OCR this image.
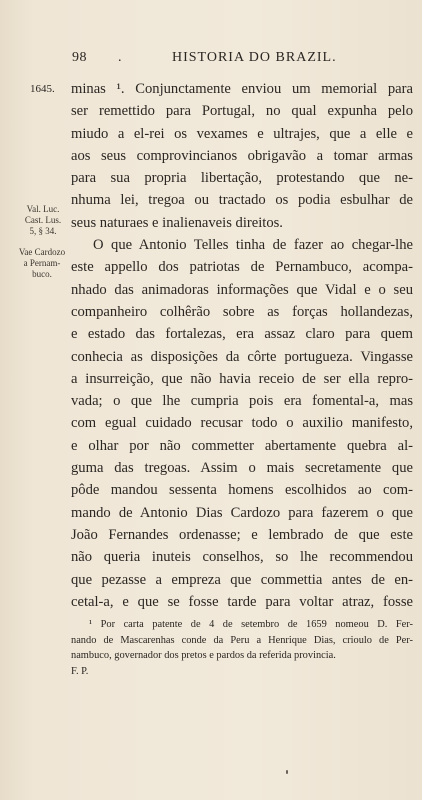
98 .	HISTORIA DO BRAZIL.
1645.
Val. Luc.
Cast. Lus.
5, § 34.
Vae Cardozo
a Pernam-
buco.
minas ¹. Conjunctamente enviou um memorial para
ser remettido para Portugal, no qual expunha pelo
miudo a el-rei os vexames e ultrajes, que a elle e
aos seus comprovincianos obrigavão a tomar armas
para sua propria libertação, protestando que ne-
nhuma lei, tregoa ou tractado os podia esbulhar de
seus naturaes e inalienaveis direitos.
O que Antonio Telles tinha de fazer ao chegar-lhe
este appello dos patriotas de Pernambuco, acompa-
nhado das animadoras informações que Vidal e o seu
companheiro colhêrão sobre as forças hollandezas,
e estado das fortalezas, era assaz claro para quem
conhecia as disposições da côrte portugueza. Vingasse
a insurreição, que não havia receio de ser ella repro-
vada; o que lhe cumpria pois era fomental-a, mas
com egual cuidado recusar todo o auxilio manifesto,
e olhar por não commetter abertamente quebra al-
guma das tregoas. Assim o mais secretamente que
pôde mandou sessenta homens escolhidos ao com-
mando de Antonio Dias Cardozo para fazerem o que
João Fernandes ordenasse; e lembrado de que este
não queria inuteis conselhos, so lhe recommendou
que pezasse a empreza que commettia antes de en-
cetal-a, e que se fosse tarde para voltar atraz, fosse
¹ Por carta patente de 4 de setembro de 1659 nomeou D. Fer-
nando de Mascarenhas conde da Peru a Henrique Dias, crioulo de Per-
nambuco, governador dos pretos e pardos da referida provincia.
F. P.
